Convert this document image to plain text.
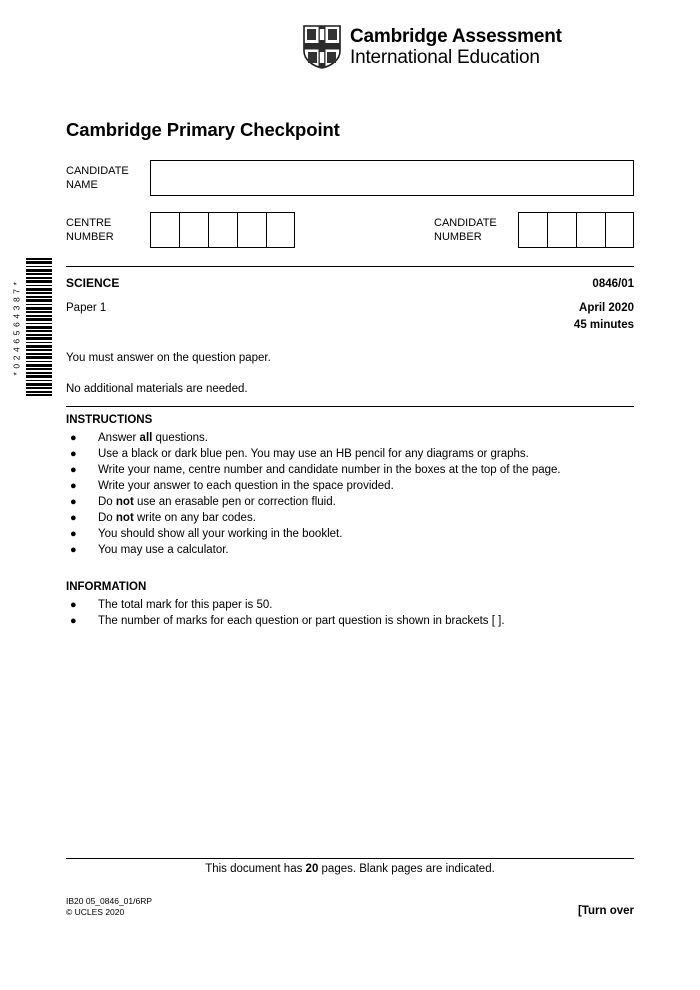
Cambridge Assessment
International Education
*0246564387*
Cambridge Primary Checkpoint
CANDIDATE
NAME
CENTRE
NUMBER
CANDIDATE
NUMBER
SCIENCE	0846/01
Paper 1	April 2020
45 minutes
You must answer on the question paper.
No additional materials are needed.
INSTRUCTIONS
●	Answer all questions.
●	Use a black or dark blue pen. You may use an HB pencil for any diagrams or graphs.
●	Write your name, centre number and candidate number in the boxes at the top of the page.
●	Write your answer to each question in the space provided.
●	Do not use an erasable pen or correction fluid.
●	Do not write on any bar codes.
●	You should show all your working in the booklet.
●	You may use a calculator.
INFORMATION
●	The total mark for this paper is 50.
●	The number of marks for each question or part question is shown in brackets [ ].
This document has 20 pages. Blank pages are indicated.
IB20 05_0846_01/6RP
© UCLES 2020	[Turn over
